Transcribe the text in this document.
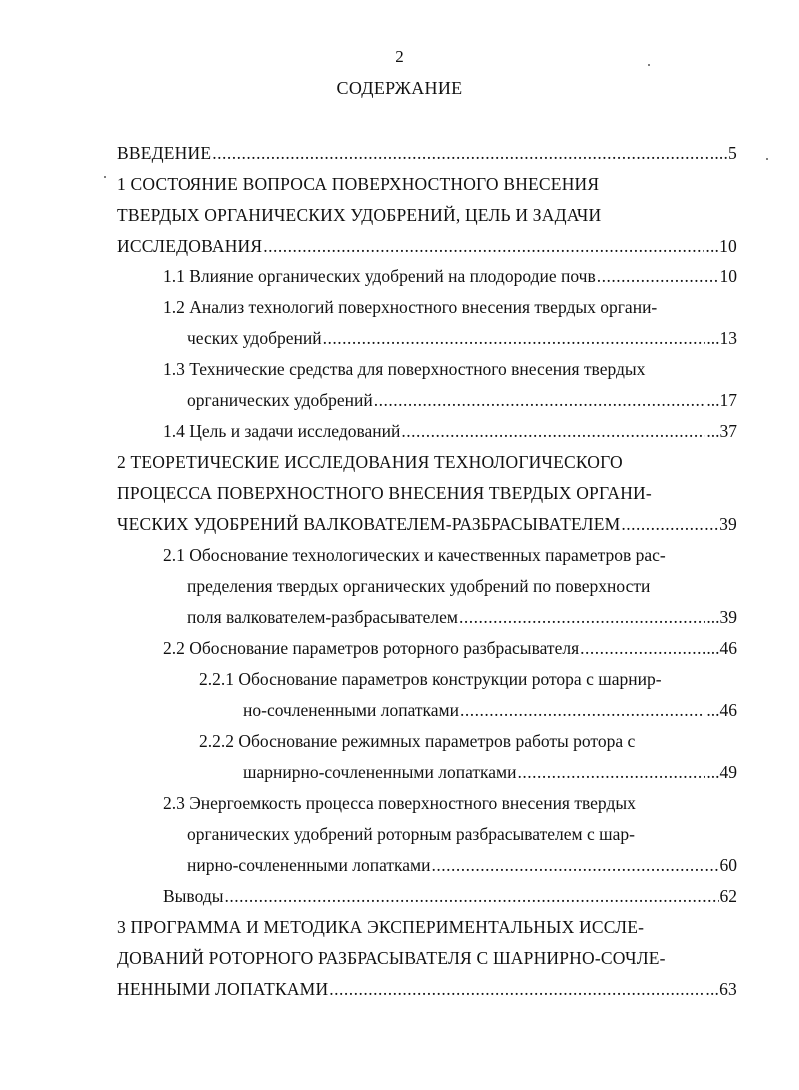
2
СОДЕРЖАНИЕ
ВВЕДЕНИЕ .....	....5
1 СОСТОЯНИЕ ВОПРОСА ПОВЕРХНОСТНОГО ВНЕСЕНИЯ
ТВЕРДЫХ ОРГАНИЧЕСКИХ УДОБРЕНИЙ, ЦЕЛЬ И ЗАДАЧИ
ИССЛЕДОВАНИЯ .....	...10
1.1 Влияние органических удобрений на плодородие почв .....	10
1.2 Анализ технологий поверхностного внесения твердых органи-
ческих удобрений .....	...13
1.3 Технические средства для поверхностного внесения твердых
органических удобрений .....	...17
1.4 Цель и задачи исследований .....	...37
2 ТЕОРЕТИЧЕСКИЕ ИССЛЕДОВАНИЯ ТЕХНОЛОГИЧЕСКОГО
ПРОЦЕССА ПОВЕРХНОСТНОГО ВНЕСЕНИЯ ТВЕРДЫХ ОРГАНИ-
ЧЕСКИХ УДОБРЕНИЙ ВАЛКОВАТЕЛЕМ-РАЗБРАСЫВАТЕЛЕМ .....	39
2.1 Обоснование технологических и качественных параметров рас-
пределения твердых органических удобрений по поверхности
поля валкователем-разбрасывателем .....	...39
2.2 Обоснование параметров роторного разбрасывателя .....	...46
2.2.1 Обоснование параметров конструкции ротора с шарнир-
но-сочлененными лопатками .....	...46
2.2.2 Обоснование режимных параметров работы ротора с
шарнирно-сочлененными лопатками .....	...49
2.3 Энергоемкость процесса поверхностного внесения твердых
органических удобрений роторным разбрасывателем с шар-
нирно-сочлененными лопатками .....	60
Выводы .....	62
3 ПРОГРАММА И МЕТОДИКА ЭКСПЕРИМЕНТАЛЬНЫХ ИССЛЕ-
ДОВАНИЙ РОТОРНОГО РАЗБРАСЫВАТЕЛЯ С ШАРНИРНО-СОЧЛЕ-
НЕННЫМИ ЛОПАТКАМИ .....	...63
